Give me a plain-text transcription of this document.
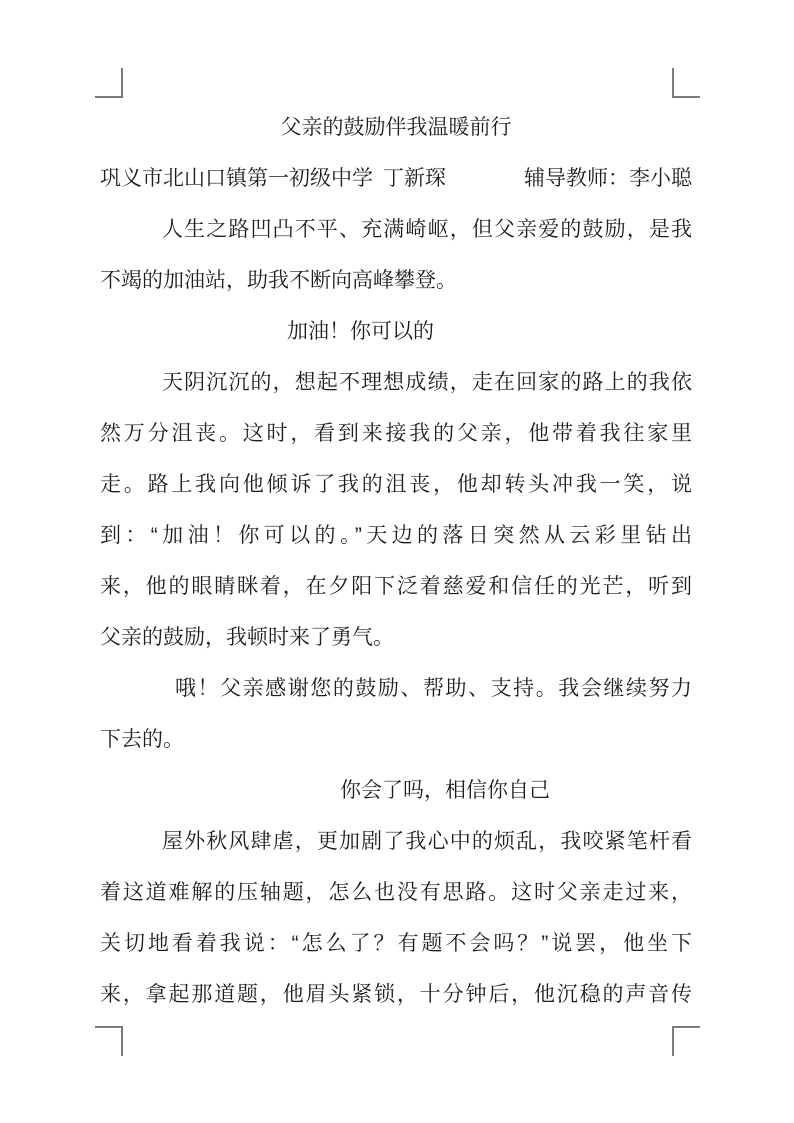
父亲的鼓励伴我温暖前行
巩义市北山口镇第一初级中学 丁新琛	辅导教师：李小聪
人生之路凹凸不平、充满崎岖，但父亲爱的鼓励，是我
不竭的加油站，助我不断向高峰攀登。
加油！你可以的
天阴沉沉的，想起不理想成绩，走在回家的路上的我依
然万分沮丧。这时，看到来接我的父亲，他带着我往家里
走。路上我向他倾诉了我的沮丧，他却转头冲我一笑，说
到：“加油！你可以的。”天边的落日突然从云彩里钻出
来，他的眼睛眯着，在夕阳下泛着慈爱和信任的光芒，听到
父亲的鼓励，我顿时来了勇气。
哦！父亲感谢您的鼓励、帮助、支持。我会继续努力
下去的。
你会了吗，相信你自己
屋外秋风肆虐，更加剧了我心中的烦乱，我咬紧笔杆看
着这道难解的压轴题，怎么也没有思路。这时父亲走过来，
关切地看着我说：“怎么了？有题不会吗？”说罢，他坐下
来，拿起那道题，他眉头紧锁，十分钟后，他沉稳的声音传
